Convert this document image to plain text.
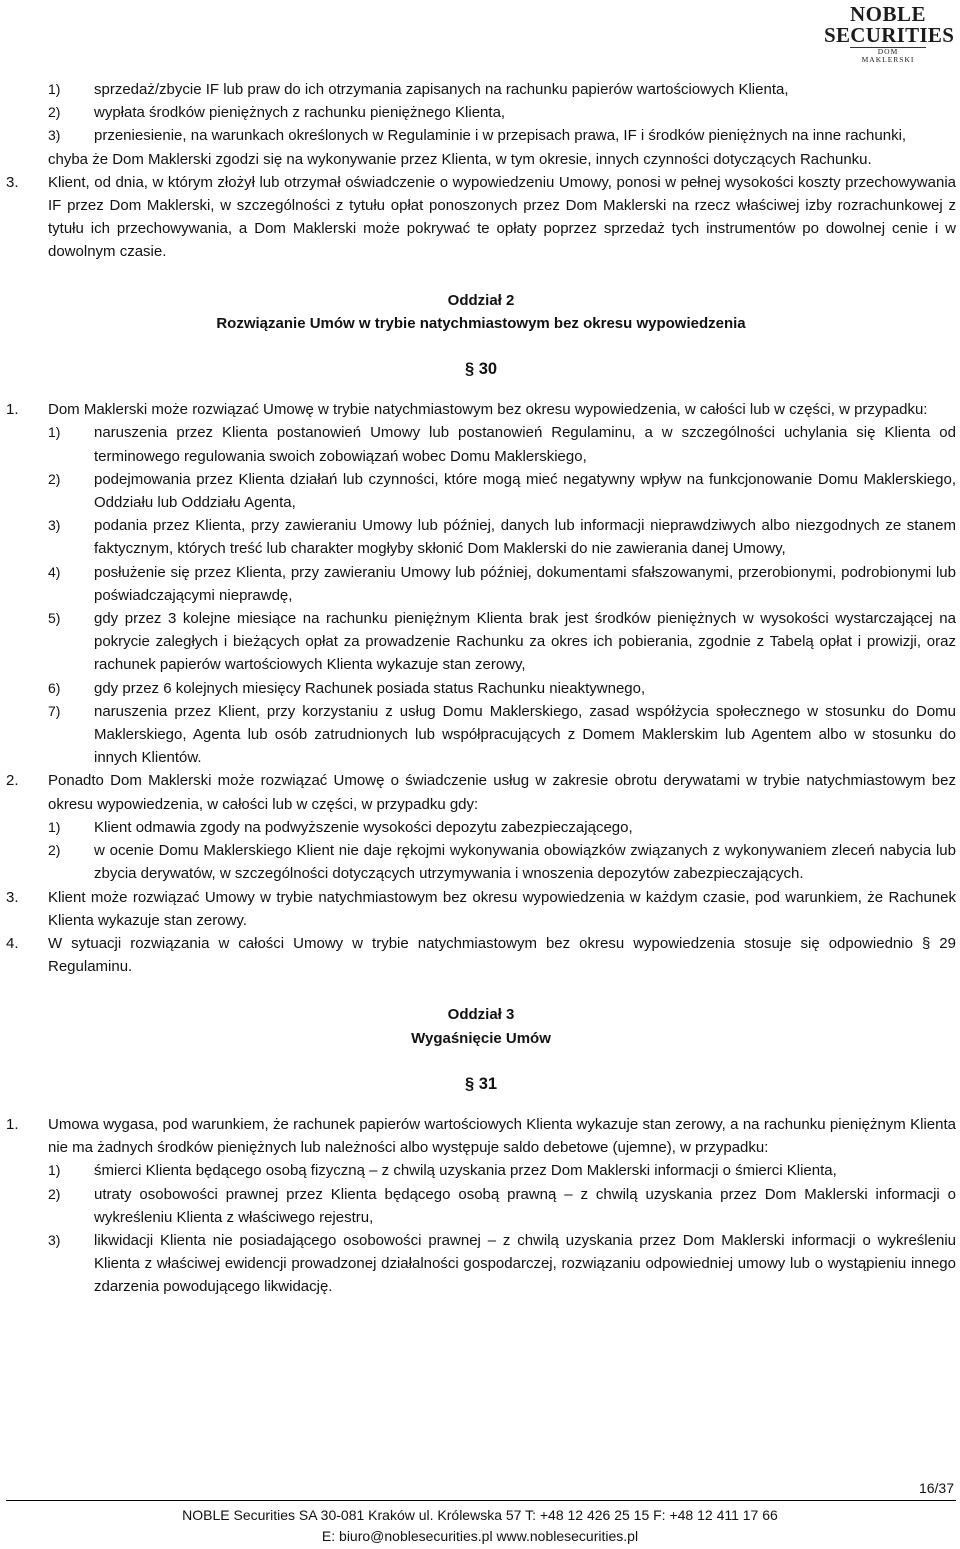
NOBLE
SECURITIES
DOM MAKLERSKI
1) sprzedaż/zbycie IF lub praw do ich otrzymania zapisanych na rachunku papierów wartościowych Klienta,
2) wypłata środków pieniężnych z rachunku pieniężnego Klienta,
3) przeniesienie, na warunkach określonych w Regulaminie i w przepisach prawa, IF i środków pieniężnych na inne rachunki,
chyba że Dom Maklerski zgodzi się na wykonywanie przez Klienta, w tym okresie, innych czynności dotyczących Rachunku.
3. Klient, od dnia, w którym złożył lub otrzymał oświadczenie o wypowiedzeniu Umowy, ponosi w pełnej wysokości koszty przechowywania IF przez Dom Maklerski, w szczególności z tytułu opłat ponoszonych przez Dom Maklerski na rzecz właściwej izby rozrachunkowej z tytułu ich przechowywania, a Dom Maklerski może pokrywać te opłaty poprzez sprzedaż tych instrumentów po dowolnej cenie i w dowolnym czasie.
Oddział 2
Rozwiązanie Umów w trybie natychmiastowym bez okresu wypowiedzenia
§ 30
1. Dom Maklerski może rozwiązać Umowę w trybie natychmiastowym bez okresu wypowiedzenia, w całości lub w części, w przypadku:
1) naruszenia przez Klienta postanowień Umowy lub postanowień Regulaminu, a w szczególności uchylania się Klienta od terminowego regulowania swoich zobowiązań wobec Domu Maklerskiego,
2) podejmowania przez Klienta działań lub czynności, które mogą mieć negatywny wpływ na funkcjonowanie Domu Maklerskiego, Oddziału lub Oddziału Agenta,
3) podania przez Klienta, przy zawieraniu Umowy lub później, danych lub informacji nieprawdziwych albo niezgodnych ze stanem faktycznym, których treść lub charakter mogłyby skłonić Dom Maklerski do nie zawierania danej Umowy,
4) posłużenie się przez Klienta, przy zawieraniu Umowy lub później, dokumentami sfałszowanymi, przerobionymi, podrobionymi lub poświadczającymi nieprawdę,
5) gdy przez 3 kolejne miesiące na rachunku pieniężnym Klienta brak jest środków pieniężnych w wysokości wystarczającej na pokrycie zaległych i bieżących opłat za prowadzenie Rachunku za okres ich pobierania, zgodnie z Tabelą opłat i prowizji, oraz rachunek papierów wartościowych Klienta wykazuje stan zerowy,
6) gdy przez 6 kolejnych miesięcy Rachunek posiada status Rachunku nieaktywnego,
7) naruszenia przez Klient, przy korzystaniu z usług Domu Maklerskiego, zasad współżycia społecznego w stosunku do Domu Maklerskiego, Agenta lub osób zatrudnionych lub współpracujących z Domem Maklerskim lub Agentem albo w stosunku do innych Klientów.
2. Ponadto Dom Maklerski może rozwiązać Umowę o świadczenie usług w zakresie obrotu derywatami w trybie natychmiastowym bez okresu wypowiedzenia, w całości lub w części, w przypadku gdy:
1) Klient odmawia zgody na podwyższenie wysokości depozytu zabezpieczającego,
2) w ocenie Domu Maklerskiego Klient nie daje rękojmi wykonywania obowiązków związanych z wykonywaniem zleceń nabycia lub zbycia derywatów, w szczególności dotyczących utrzymywania i wnoszenia depozytów zabezpieczających.
3. Klient może rozwiązać Umowy w trybie natychmiastowym bez okresu wypowiedzenia w każdym czasie, pod warunkiem, że Rachunek Klienta wykazuje stan zerowy.
4. W sytuacji rozwiązania w całości Umowy w trybie natychmiastowym bez okresu wypowiedzenia stosuje się odpowiednio § 29 Regulaminu.
Oddział 3
Wygaśnięcie Umów
§ 31
1. Umowa wygasa, pod warunkiem, że rachunek papierów wartościowych Klienta wykazuje stan zerowy, a na rachunku pieniężnym Klienta nie ma żadnych środków pieniężnych lub należności albo występuje saldo debetowe (ujemne), w przypadku:
1) śmierci Klienta będącego osobą fizyczną – z chwilą uzyskania przez Dom Maklerski informacji o śmierci Klienta,
2) utraty osobowości prawnej przez Klienta będącego osobą prawną – z chwilą uzyskania przez Dom Maklerski informacji o wykreśleniu Klienta z właściwego rejestru,
3) likwidacji Klienta nie posiadającego osobowości prawnej – z chwilą uzyskania przez Dom Maklerski informacji o wykreśleniu Klienta z właściwej ewidencji prowadzonej działalności gospodarczej, rozwiązaniu odpowiedniej umowy lub o wystąpieniu innego zdarzenia powodującego likwidację.
16/37
NOBLE Securities SA 30-081 Kraków ul. Królewska 57 T: +48 12 426 25 15 F: +48 12 411 17 66
E: biuro@noblesecurities.pl www.noblesecurities.pl
